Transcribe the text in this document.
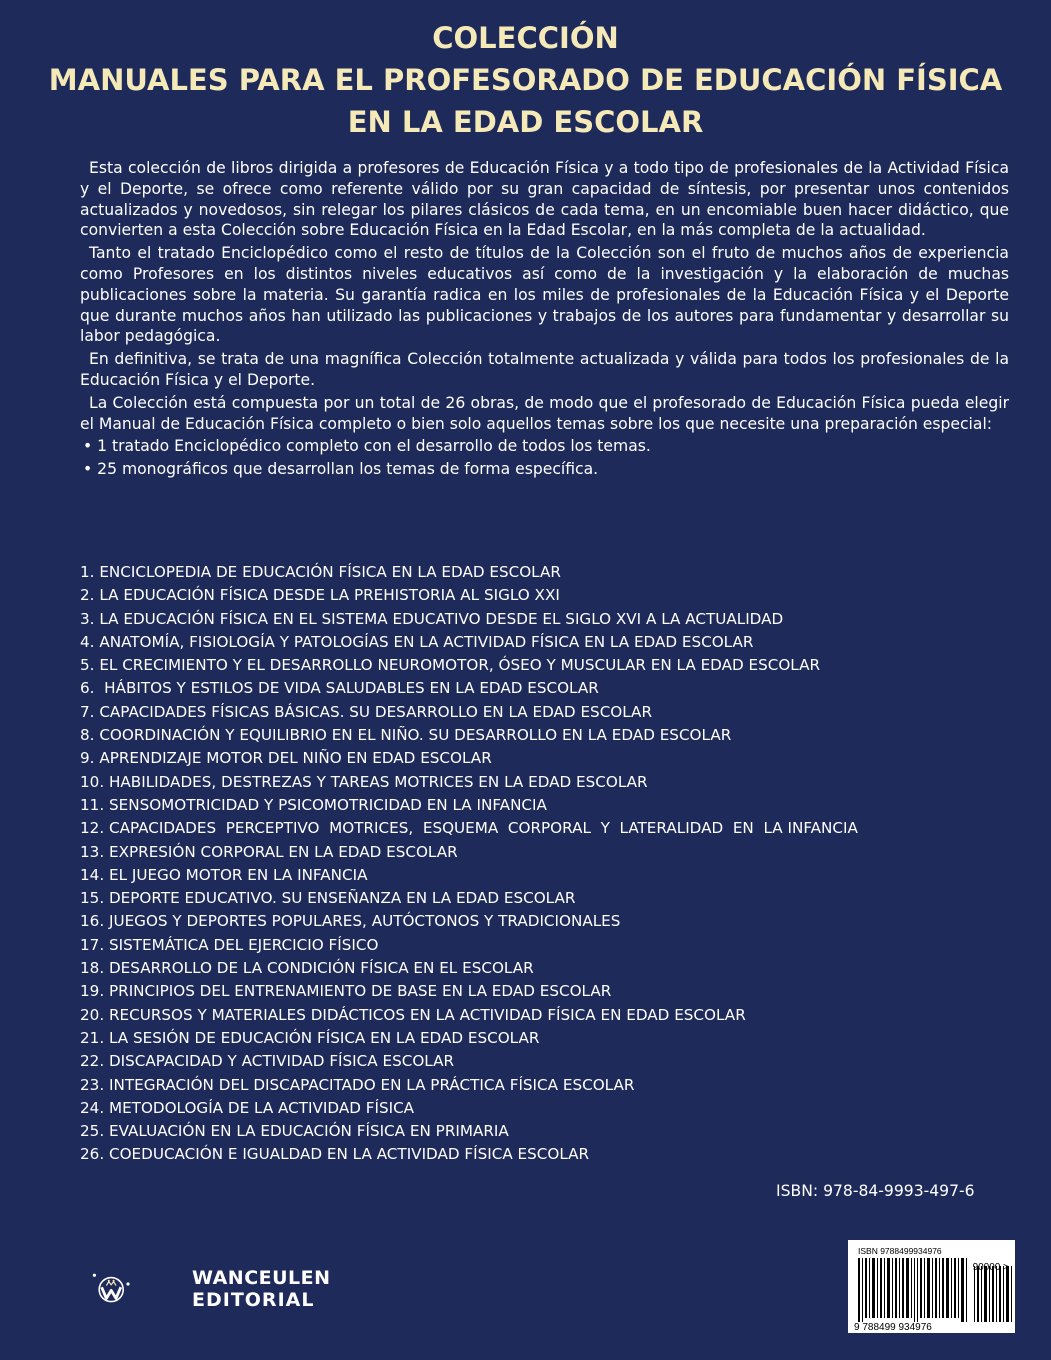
COLECCIÓN
MANUALES PARA EL PROFESORADO DE EDUCACIÓN FÍSICA
EN LA EDAD ESCOLAR

Esta colección de libros dirigida a profesores de Educación Física y a todo tipo de profesionales de la Actividad Física y el Deporte, se ofrece como referente válido por su gran capacidad de síntesis, por presentar unos contenidos actualizados y novedosos, sin relegar los pilares clásicos de cada tema, en un encomiable buen hacer didáctico, que convierten a esta Colección sobre Educación Física en la Edad Escolar, en la más completa de la actualidad.

Tanto el tratado Enciclopédico como el resto de títulos de la Colección son el fruto de muchos años de experiencia como Profesores en los distintos niveles educativos así como de la investigación y la elaboración de muchas publicaciones sobre la materia. Su garantía radica en los miles de profesionales de la Educación Física y el Deporte que durante muchos años han utilizado las publicaciones y trabajos de los autores para fundamentar y desarrollar su labor pedagógica.

En definitiva, se trata de una magnífica Colección totalmente actualizada y válida para todos los profesionales de la Educación Física y el Deporte.

La Colección está compuesta por un total de 26 obras, de modo que el profesorado de Educación Física pueda elegir el Manual de Educación Física completo o bien solo aquellos temas sobre los que necesite una preparación especial:

• 1 tratado Enciclopédico completo con el desarrollo de todos los temas.

• 25 monográficos que desarrollan los temas de forma específica.

1. ENCICLOPEDIA DE EDUCACIÓN FÍSICA EN LA EDAD ESCOLAR
2. LA EDUCACIÓN FÍSICA DESDE LA PREHISTORIA AL SIGLO XXI
3. LA EDUCACIÓN FÍSICA EN EL SISTEMA EDUCATIVO DESDE EL SIGLO XVI A LA ACTUALIDAD
4. ANATOMÍA, FISIOLOGÍA Y PATOLOGÍAS EN LA ACTIVIDAD FÍSICA EN LA EDAD ESCOLAR
5. EL CRECIMIENTO Y EL DESARROLLO NEUROMOTOR, ÓSEO Y MUSCULAR EN LA EDAD ESCOLAR
6.  HÁBITOS Y ESTILOS DE VIDA SALUDABLES EN LA EDAD ESCOLAR
7. CAPACIDADES FÍSICAS BÁSICAS. SU DESARROLLO EN LA EDAD ESCOLAR
8. COORDINACIÓN Y EQUILIBRIO EN EL NIÑO. SU DESARROLLO EN LA EDAD ESCOLAR
9. APRENDIZAJE MOTOR DEL NIÑO EN EDAD ESCOLAR
10. HABILIDADES, DESTREZAS Y TAREAS MOTRICES EN LA EDAD ESCOLAR
11. SENSOMOTRICIDAD Y PSICOMOTRICIDAD EN LA INFANCIA
12. CAPACIDADES  PERCEPTIVO  MOTRICES,  ESQUEMA  CORPORAL  Y  LATERALIDAD  EN  LA INFANCIA
13. EXPRESIÓN CORPORAL EN LA EDAD ESCOLAR
14. EL JUEGO MOTOR EN LA INFANCIA
15. DEPORTE EDUCATIVO. SU ENSEÑANZA EN LA EDAD ESCOLAR
16. JUEGOS Y DEPORTES POPULARES, AUTÓCTONOS Y TRADICIONALES
17. SISTEMÁTICA DEL EJERCICIO FÍSICO
18. DESARROLLO DE LA CONDICIÓN FÍSICA EN EL ESCOLAR
19. PRINCIPIOS DEL ENTRENAMIENTO DE BASE EN LA EDAD ESCOLAR
20. RECURSOS Y MATERIALES DIDÁCTICOS EN LA ACTIVIDAD FÍSICA EN EDAD ESCOLAR
21. LA SESIÓN DE EDUCACIÓN FÍSICA EN LA EDAD ESCOLAR
22. DISCAPACIDAD Y ACTIVIDAD FÍSICA ESCOLAR
23. INTEGRACIÓN DEL DISCAPACITADO EN LA PRÁCTICA FÍSICA ESCOLAR
24. METODOLOGÍA DE LA ACTIVIDAD FÍSICA
25. EVALUACIÓN EN LA EDUCACIÓN FÍSICA EN PRIMARIA
26. COEDUCACIÓN E IGUALDAD EN LA ACTIVIDAD FÍSICA ESCOLAR
ISBN: 978-84-9993-497-6
WANCEULEN
EDITORIAL
ISBN 9788499934976
90000 >
9 788499 934976
